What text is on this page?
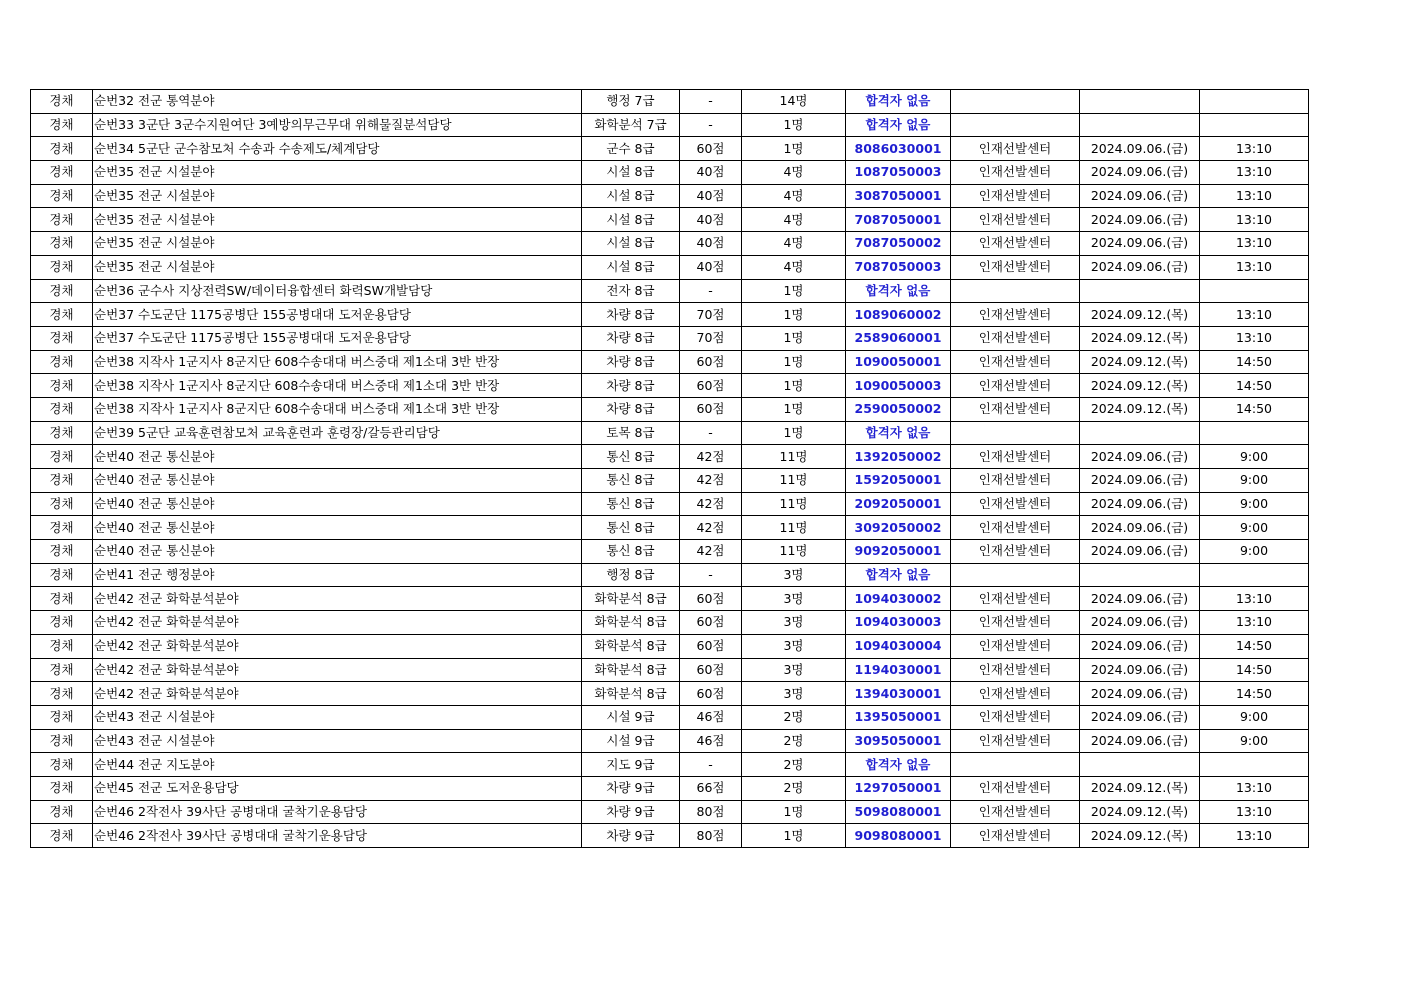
경채	순번32 전군 통역분야	행정 7급	-	14명	합격자 없음			
경채	순번33 3군단 3군수지원여단 3예방의무근무대 위해물질분석담당	화학분석 7급	-	1명	합격자 없음			
경채	순번34 5군단 군수참모처 수송과 수송제도/체계담당	군수 8급	60점	1명	8086030001	인재선발센터	2024.09.06.(금)	13:10
경채	순번35 전군 시설분야	시설 8급	40점	4명	1087050003	인재선발센터	2024.09.06.(금)	13:10
경채	순번35 전군 시설분야	시설 8급	40점	4명	3087050001	인재선발센터	2024.09.06.(금)	13:10
경채	순번35 전군 시설분야	시설 8급	40점	4명	7087050001	인재선발센터	2024.09.06.(금)	13:10
경채	순번35 전군 시설분야	시설 8급	40점	4명	7087050002	인재선발센터	2024.09.06.(금)	13:10
경채	순번35 전군 시설분야	시설 8급	40점	4명	7087050003	인재선발센터	2024.09.06.(금)	13:10
경채	순번36 군수사 지상전력SW/데이터융합센터 화력SW개발담당	전자 8급	-	1명	합격자 없음			
경채	순번37 수도군단 1175공병단 155공병대대 도저운용담당	차량 8급	70점	1명	1089060002	인재선발센터	2024.09.12.(목)	13:10
경채	순번37 수도군단 1175공병단 155공병대대 도저운용담당	차량 8급	70점	1명	2589060001	인재선발센터	2024.09.12.(목)	13:10
경채	순번38 지작사 1군지사 8군지단 608수송대대 버스중대 제1소대 3반 반장	차량 8급	60점	1명	1090050001	인재선발센터	2024.09.12.(목)	14:50
경채	순번38 지작사 1군지사 8군지단 608수송대대 버스중대 제1소대 3반 반장	차량 8급	60점	1명	1090050003	인재선발센터	2024.09.12.(목)	14:50
경채	순번38 지작사 1군지사 8군지단 608수송대대 버스중대 제1소대 3반 반장	차량 8급	60점	1명	2590050002	인재선발센터	2024.09.12.(목)	14:50
경채	순번39 5군단 교육훈련참모처 교육훈련과 훈령장/갈등관리담당	토목 8급	-	1명	합격자 없음			
경채	순번40 전군 통신분야	통신 8급	42점	11명	1392050002	인재선발센터	2024.09.06.(금)	9:00
경채	순번40 전군 통신분야	통신 8급	42점	11명	1592050001	인재선발센터	2024.09.06.(금)	9:00
경채	순번40 전군 통신분야	통신 8급	42점	11명	2092050001	인재선발센터	2024.09.06.(금)	9:00
경채	순번40 전군 통신분야	통신 8급	42점	11명	3092050002	인재선발센터	2024.09.06.(금)	9:00
경채	순번40 전군 통신분야	통신 8급	42점	11명	9092050001	인재선발센터	2024.09.06.(금)	9:00
경채	순번41 전군 행정분야	행정 8급	-	3명	합격자 없음			
경채	순번42 전군 화학분석분야	화학분석 8급	60점	3명	1094030002	인재선발센터	2024.09.06.(금)	13:10
경채	순번42 전군 화학분석분야	화학분석 8급	60점	3명	1094030003	인재선발센터	2024.09.06.(금)	13:10
경채	순번42 전군 화학분석분야	화학분석 8급	60점	3명	1094030004	인재선발센터	2024.09.06.(금)	14:50
경채	순번42 전군 화학분석분야	화학분석 8급	60점	3명	1194030001	인재선발센터	2024.09.06.(금)	14:50
경채	순번42 전군 화학분석분야	화학분석 8급	60점	3명	1394030001	인재선발센터	2024.09.06.(금)	14:50
경채	순번43 전군 시설분야	시설 9급	46점	2명	1395050001	인재선발센터	2024.09.06.(금)	9:00
경채	순번43 전군 시설분야	시설 9급	46점	2명	3095050001	인재선발센터	2024.09.06.(금)	9:00
경채	순번44 전군 지도분야	지도 9급	-	2명	합격자 없음			
경채	순번45 전군 도저운용담당	차량 9급	66점	2명	1297050001	인재선발센터	2024.09.12.(목)	13:10
경채	순번46 2작전사 39사단 공병대대 굴착기운용담당	차량 9급	80점	1명	5098080001	인재선발센터	2024.09.12.(목)	13:10
경채	순번46 2작전사 39사단 공병대대 굴착기운용담당	차량 9급	80점	1명	9098080001	인재선발센터	2024.09.12.(목)	13:10
